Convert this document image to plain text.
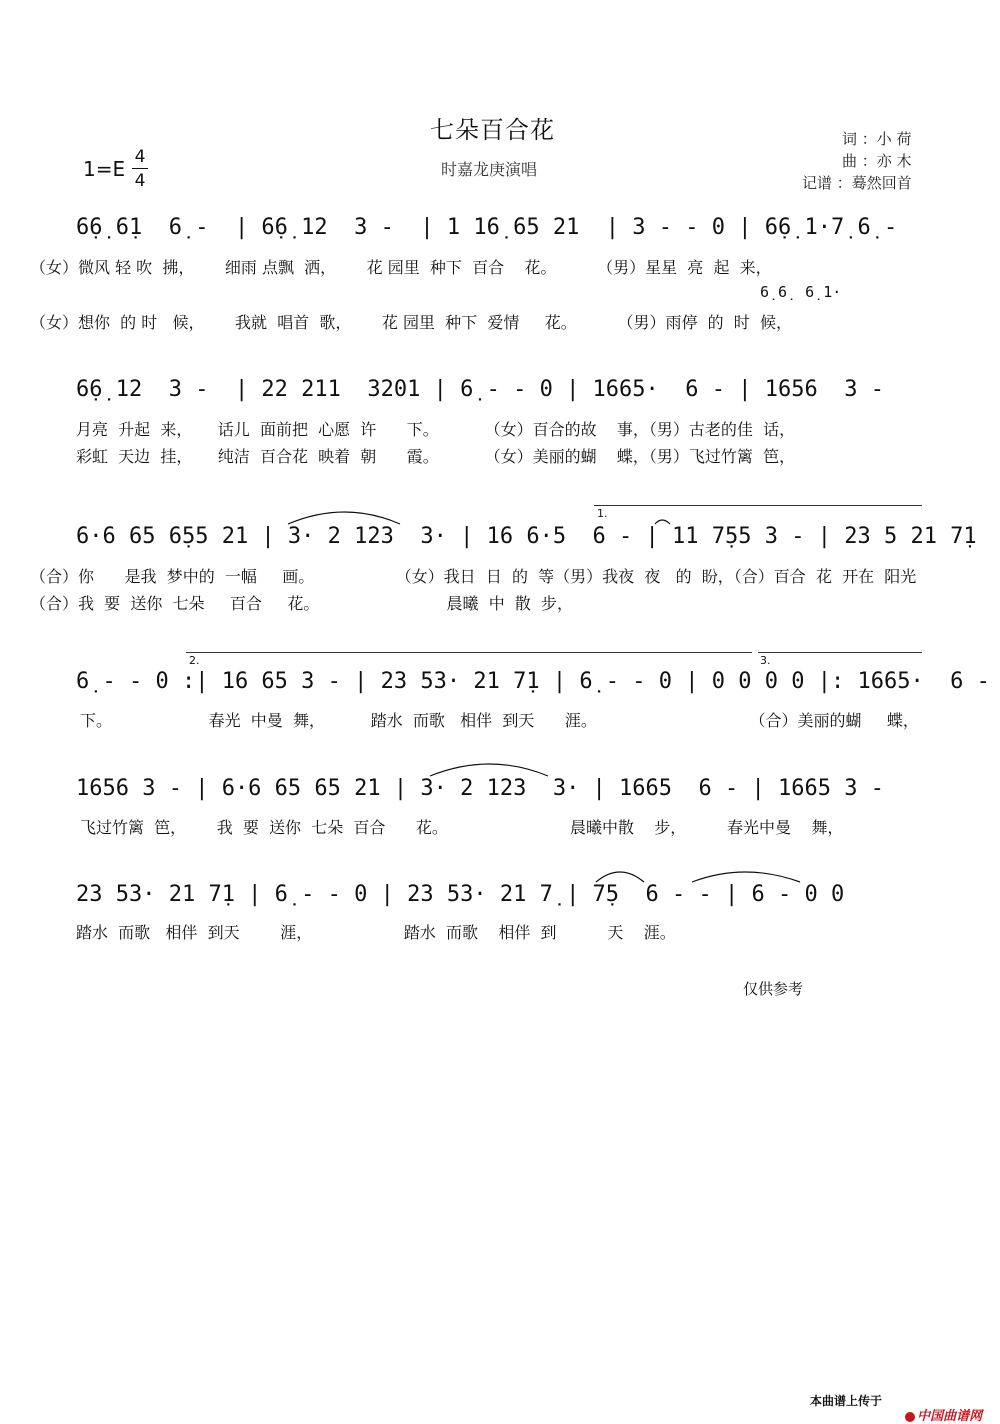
七朵百合花
时嘉龙庚演唱
1=E 4
4
词 ：小 荷
曲 ：亦 木
记谱 ：蓦然回首
6̣6̣ 6̣1  6̣ -  | 6̣6̣ 12  3 -  | 1 16̣ 65 21  | 3 - - 0 | 6̣6̣ 1·7̣ 6̣ -
（女）微风 轻 吹  拂，      细雨 点飘  洒，      花 园里  种下  百合    花。        （男）星星  亮  起  来，
6̣ 6̣  6̣ 1·
（女）想你  的 时   候，      我就  唱首  歌，      花 园里  种下  爱情     花。        （男）雨停  的  时  候，
6̣6̣ 12  3 -  | 22 211  3201 | 6̣ - - 0 | 1665·  6 - | 1656  3 -
月亮  升起  来，     话儿  面前把  心愿  许      下。         （女）百合的故    事，（男）古老的佳  话，
彩虹  天边  挂，     纯洁  百合花  映着  朝      霞。         （女）美丽的蝴    蝶，（男）飞过竹篱  笆，
6·6 65 6̣55 21 | 3· 2 123  3· | 16 6·5  6 - | 11 7̣55 3 - | 23 5 21 7̣1
（合）你      是我  梦中的  一幅     画。                （女）我日  日  的  等（男）我夜  夜   的  盼，（合）百合  花  开在  阳光
（合）我  要  送你  七朵     百合     花。                         晨曦  中  散  步，
1.
6̣ - - 0 :| 16 65 3 - | 23 53· 21 7̣1 | 6̣ - - 0 | 0 0 0 0 |: 1665·  6 -
下。                   春光  中曼  舞，         踏水  而歌   相伴  到天      涯。                              （合）美丽的蝴     蝶，
2.	3.
1656 3 - | 6·6 65 65 21 | 3· 2 123  3· | 1665  6 - | 1665 3 -
飞过竹篱  笆，      我  要  送你  七朵  百合      花。                        晨曦中散    步，        春光中曼    舞，
23 53· 21 7̣1 | 6̣ - - 0 | 23 53· 21 7̣ | 7̣5  6 - - | 6 - 0 0
踏水  而歌   相伴  到天        涯，                  踏水  而歌    相伴  到          天    涯。
仅供参考
本曲谱上传于

中国曲谱网
